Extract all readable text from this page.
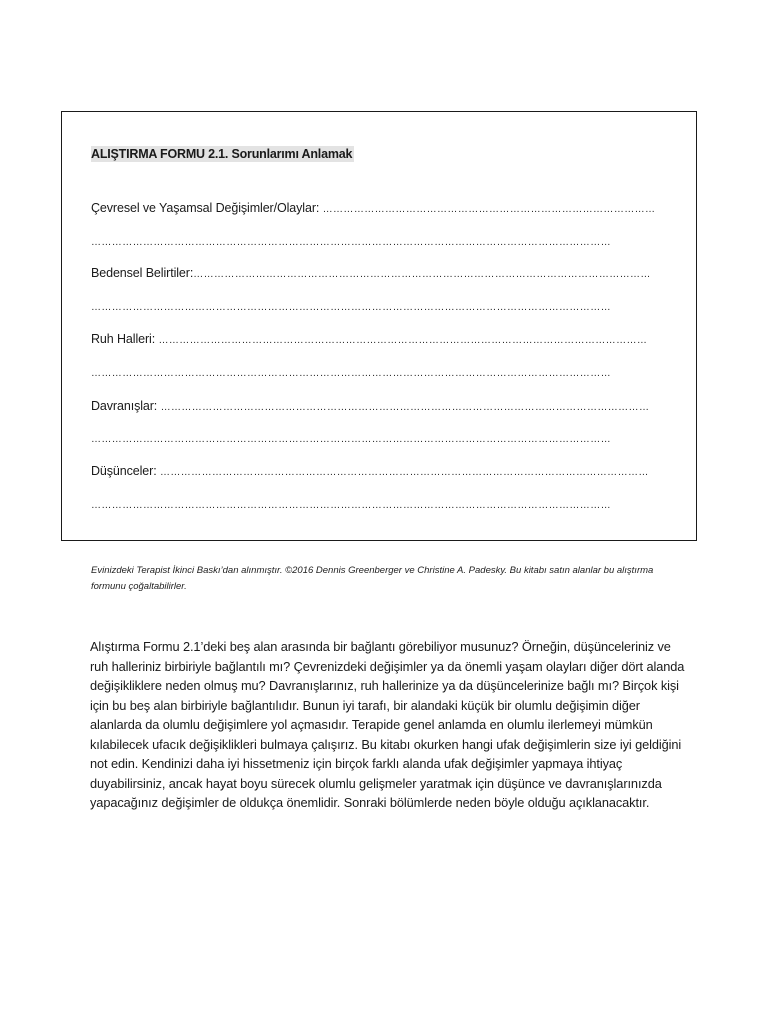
ALIŞTIRMA FORMU 2.1. Sorunlarımı Anlamak
Çevresel ve Yaşamsal Değişimler/Olaylar: ……………………………………………………………………………………
……………………………………………………………………………………………………………………………………
Bedensel Belirtiler:……………………………………………………………………………………………………………………
……………………………………………………………………………………………………………………………………
Ruh Halleri: ……………………………………………………………………………………………………………………………
……………………………………………………………………………………………………………………………………
Davranışlar: ……………………………………………………………………………………………………………………………
……………………………………………………………………………………………………………………………………
Düşünceler: ……………………………………………………………………………………………………………………………
……………………………………………………………………………………………………………………………………
Evinizdeki Terapist İkinci Baskı’dan alınmıştır. ©2016 Dennis Greenberger ve Christine A. Padesky. Bu kitabı satın alanlar bu alıştırma formunu çoğaltabilirler.
Alıştırma Formu 2.1’deki beş alan arasında bir bağlantı görebiliyor musunuz? Örneğin, düşünceleriniz ve ruh halleriniz birbiriyle bağlantılı mı? Çevrenizdeki değişimler ya da önemli yaşam olayları diğer dört alanda değişikliklere neden olmuş mu? Davranışlarınız, ruh hallerinize ya da düşüncelerinize bağlı mı? Birçok kişi için bu beş alan birbiriyle bağlantılıdır. Bunun iyi tarafı, bir alandaki küçük bir olumlu değişimin diğer alanlarda da olumlu değişimlere yol açmasıdır. Terapide genel anlamda en olumlu ilerlemeyi mümkün kılabilecek ufacık değişiklikleri bulmaya çalışırız. Bu kitabı okurken hangi ufak değişimlerin size iyi geldiğini not edin. Kendinizi daha iyi hissetmeniz için birçok farklı alanda ufak değişimler yapmaya ihtiyaç duyabilirsiniz, ancak hayat boyu sürecek olumlu gelişmeler yaratmak için düşünce ve davranışlarınızda yapacağınız değişimler de oldukça önemlidir. Sonraki bölümlerde neden böyle olduğu açıklanacaktır.
